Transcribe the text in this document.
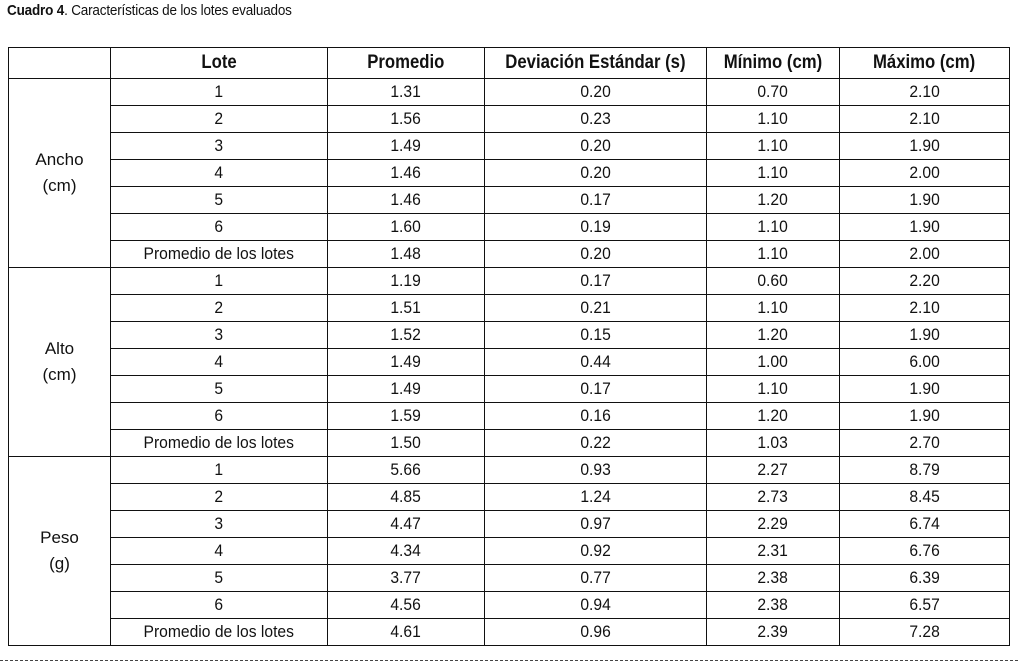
Cuadro 4. Características de los lotes evaluados
	Lote	Promedio	Deviación Estándar (s)	Mínimo (cm)	Máximo (cm)

Ancho
(cm)	1	1.31	0.20	0.70	2.10
	2	1.56	0.23	1.10	2.10
	3	1.49	0.20	1.10	1.90
	4	1.46	0.20	1.10	2.00
	5	1.46	0.17	1.20	1.90
	6	1.60	0.19	1.10	1.90
	Promedio de los lotes	1.48	0.20	1.10	2.00

Alto
(cm)	1	1.19	0.17	0.60	2.20
	2	1.51	0.21	1.10	2.10
	3	1.52	0.15	1.20	1.90
	4	1.49	0.44	1.00	6.00
	5	1.49	0.17	1.10	1.90
	6	1.59	0.16	1.20	1.90
	Promedio de los lotes	1.50	0.22	1.03	2.70

Peso
(g)	1	5.66	0.93	2.27	8.79
	2	4.85	1.24	2.73	8.45
	3	4.47	0.97	2.29	6.74
	4	4.34	0.92	2.31	6.76
	5	3.77	0.77	2.38	6.39
	6	4.56	0.94	2.38	6.57
	Promedio de los lotes	4.61	0.96	2.39	7.28
